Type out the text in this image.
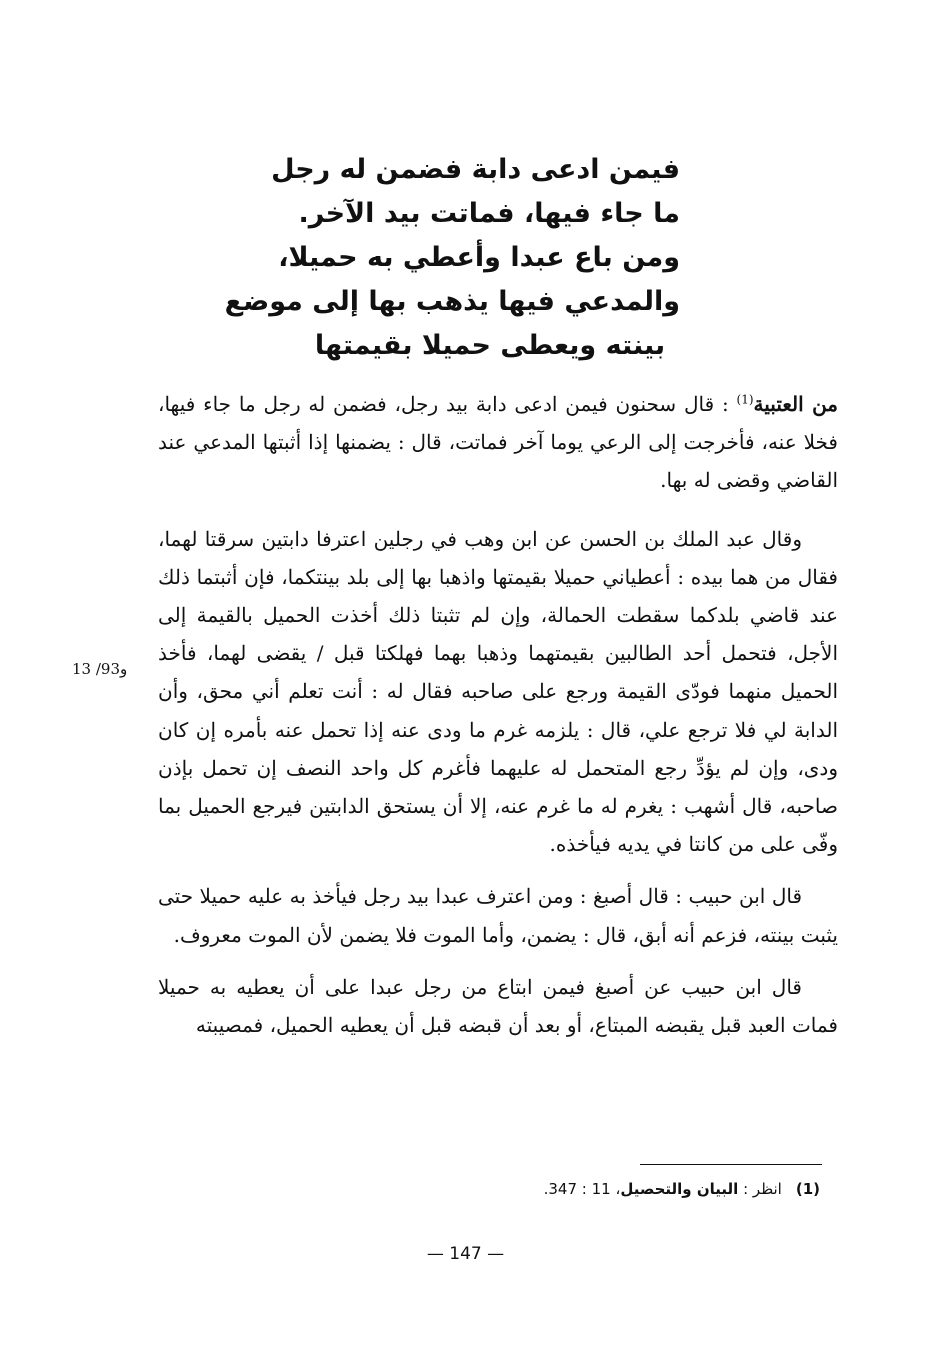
فيمن ادعى دابة فضمن له رجل
ما جاء فيها، فماتت بيد الآخر.
ومن باع عبدا وأعطي به حميلا،
والمدعي فيها يذهب بها إلى موضع
بينته ويعطى حميلا بقيمتها

من العتبية$^{(1)}$ : قال سحنون فيمن ادعى دابة بيد رجل، فضمن له رجل ما جاء فيها، فخلا عنه، فأخرجت إلى الرعي يوما آخر فماتت، قال : يضمنها إذا أثبتها المدعي عند القاضي وقضى له بها.

وقال عبد الملك بن الحسن عن ابن وهب في رجلين اعترفا دابتين سرقتا لهما، فقال من هما بيده : أعطياني حميلا بقيمتها واذهبا بها إلى بلد بينتكما، فإن أثبتما ذلك عند قاضي بلدكما سقطت الحمالة، وإن لم تثبتا ذلك أخذت الحميل بالقيمة إلى الأجل، فتحمل أحد الطالبين بقيمتهما وذهبا بهما فهلكتا قبل / يقضى لهما، فأخذ الحميل منهما فودّى القيمة ورجع على صاحبه فقال له : أنت تعلم أني محق، وأن الدابة لي فلا ترجع علي، قال : يلزمه غرم ما ودى عنه إذا تحمل عنه بأمره إن كان ودى، وإن لم يؤدِّ رجع المتحمل له عليهما فأغرم كل واحد النصف إن تحمل بإذن صاحبه، قال أشهب : يغرم له ما غرم عنه، إلا أن يستحق الدابتين فيرجع الحميل بما وفّى على من كانتا في يديه فيأخذه.

قال ابن حبيب : قال أصبغ : ومن اعترف عبدا بيد رجل فيأخذ به عليه حميلا حتى يثبت بينته، فزعم أنه أبق، قال : يضمن، وأما الموت فلا يضمن لأن الموت معروف.

قال ابن حبيب عن أصبغ فيمن ابتاع من رجل عبدا على أن يعطيه به حميلا فمات العبد قبل يقبضه المبتاع، أو بعد أن قبضه قبل أن يعطيه الحميل، فمصيبته

13 /93و
(1)انظر : البيان والتحصيل، 11 : 347.
— 147 —
